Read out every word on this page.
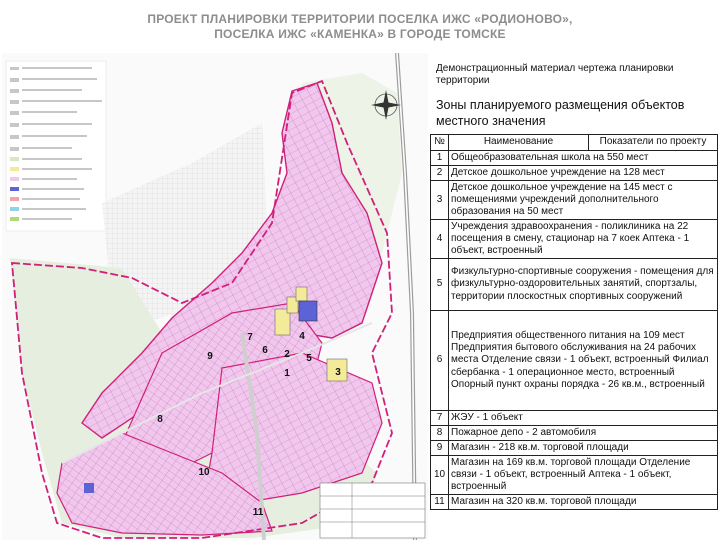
ПРОЕКТ ПЛАНИРОВКИ ТЕРРИТОРИИ ПОСЕЛКА ИЖС «РОДИОНОВО»,
ПОСЕЛКА ИЖС «КАМЕНКА» В ГОРОДЕ ТОМСКЕ
1
2
3
4
5
6
7
8
9
10
11
Демонстрационный материал чертежа планировки территории
Зоны планируемого размещения объектов местного значения
№	Наименование	Показатели по проекту
1	Общеобразовательная школа на 550 мест	
2	Детское дошкольное учреждение на 128 мест	
3	Детское дошкольное учреждение на 145 мест с помещениями учреждений дополнительного образования на 50 мест	
4	Учреждения здравоохранения - поликлиника на 22 посещения в смену, стационар на 7 коек Аптека - 1 объект, встроенный	
5	Физкультурно-спортивные сооружения - помещения для физкультурно-оздоровительных занятий, спортзалы, территории плоскостных спортивных сооружений	
6	Предприятия общественного питания на 109 мест Предприятия бытового обслуживания на 24 рабочих места Отделение связи - 1 объект, встроенный Филиал сбербанка - 1 операционное место, встроенный Опорный пункт охраны порядка - 26 кв.м., встроенный	
7	ЖЭУ - 1 объект	
8	Пожарное депо - 2 автомобиля	
9	Магазин - 218 кв.м. торговой площади	
10	Магазин на 169 кв.м. торговой площади Отделение связи - 1 объект, встроенный Аптека - 1 объект, встроенный	
11	Магазин на 320 кв.м. торговой площади	
